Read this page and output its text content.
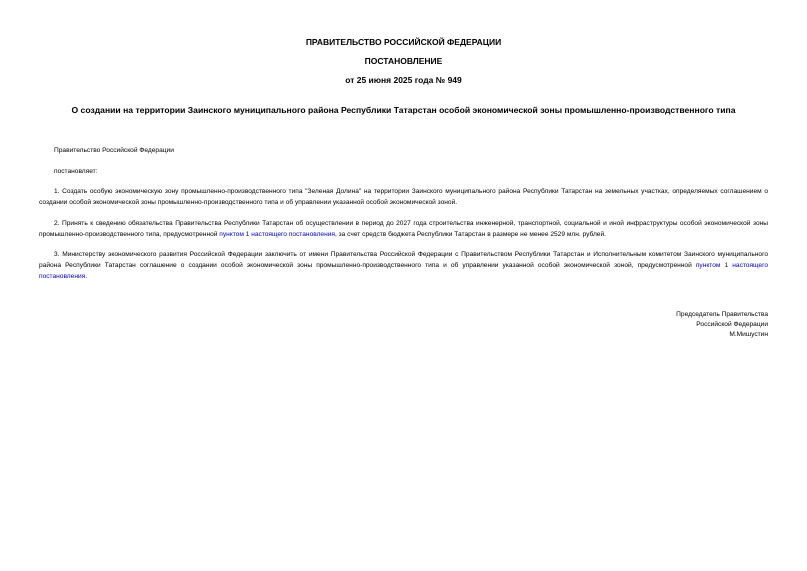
ПРАВИТЕЛЬСТВО РОССИЙСКОЙ ФЕДЕРАЦИИ
ПОСТАНОВЛЕНИЕ
от 25 июня 2025 года № 949
О создании на территории Заинского муниципального района Республики Татарстан особой экономической зоны промышленно-производственного типа
Правительство Российской Федерации
постановляет:
1. Создать особую экономическую зону промышленно-производственного типа "Зеленая Долина" на территории Заинского муниципального района Республики Татарстан на земельных участках, определяемых соглашением о создании особой экономической зоны промышленно-производственного типа и об управлении указанной особой экономической зоной.
2. Принять к сведению обязательства Правительства Республики Татарстан об осуществлении в период до 2027 года строительства инженерной, транспортной, социальной и иной инфраструктуры особой экономической зоны промышленно-производственного типа, предусмотренной пунктом 1 настоящего постановления, за счет средств бюджета Республики Татарстан в размере не менее 2529 млн. рублей.
3. Министерству экономического развития Российской Федерации заключить от имени Правительства Российской Федерации с Правительством Республики Татарстан и Исполнительным комитетом Заинского муниципального района Республики Татарстан соглашение о создании особой экономической зоны промышленно-производственного типа и об управлении указанной особой экономической зоной, предусмотренной пунктом 1 настоящего постановления.
Председатель Правительства
Российской Федерации
М.Мишустин
